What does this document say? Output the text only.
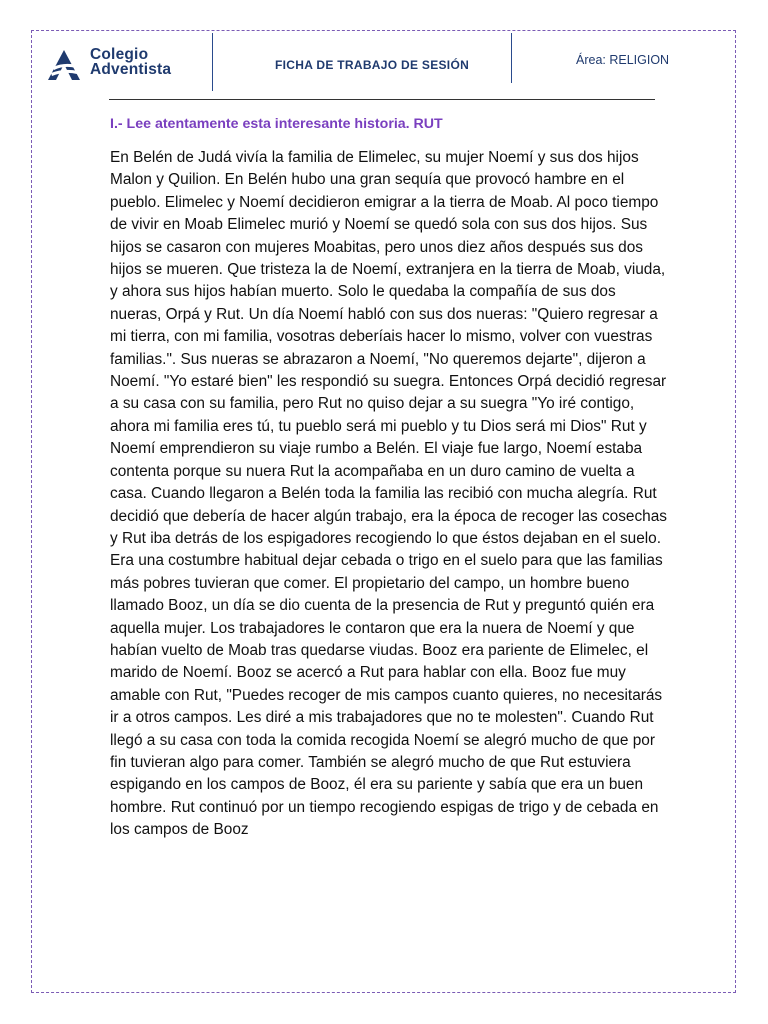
Colegio
Adventista	FICHA DE TRABAJO DE SESIÓN	Área: RELIGION
I.- Lee atentamente esta interesante historia. RUT

En Belén de Judá vivía la familia de Elimelec, su mujer Noemí y sus dos hijos Malon y Quilion. En Belén hubo una gran sequía que provocó hambre en el pueblo. Elimelec y Noemí decidieron emigrar a la tierra de Moab. Al poco tiempo de vivir en Moab Elimelec murió y Noemí se quedó sola con sus dos hijos. Sus hijos se casaron con mujeres Moabitas, pero unos diez años después sus dos hijos se mueren. Que tristeza la de Noemí, extranjera en la tierra de Moab, viuda, y ahora sus hijos habían muerto. Solo le quedaba la compañía de sus dos nueras, Orpá y Rut. Un día Noemí habló con sus dos nueras: "Quiero regresar a mi tierra, con mi familia, vosotras deberíais hacer lo mismo, volver con vuestras familias.". Sus nueras se abrazaron a Noemí, "No queremos dejarte", dijeron a Noemí. "Yo estaré bien" les respondió su suegra. Entonces Orpá decidió regresar a su casa con su familia, pero Rut no quiso dejar a su suegra "Yo iré contigo, ahora mi familia eres tú, tu pueblo será mi pueblo y tu Dios será mi Dios" Rut y Noemí emprendieron su viaje rumbo a Belén. El viaje fue largo, Noemí estaba contenta porque su nuera Rut la acompañaba en un duro camino de vuelta a casa. Cuando llegaron a Belén toda la familia las recibió con mucha alegría. Rut decidió que debería de hacer algún trabajo, era la época de recoger las cosechas y Rut iba detrás de los espigadores recogiendo lo que éstos dejaban en el suelo. Era una costumbre habitual dejar cebada o trigo en el suelo para que las familias más pobres tuvieran que comer. El propietario del campo, un hombre bueno llamado Booz, un día se dio cuenta de la presencia de Rut y preguntó quién era aquella mujer. Los trabajadores le contaron que era la nuera de Noemí y que habían vuelto de Moab tras quedarse viudas. Booz era pariente de Elimelec, el marido de Noemí. Booz se acercó a Rut para hablar con ella. Booz fue muy amable con Rut, "Puedes recoger de mis campos cuanto quieres, no necesitarás ir a otros campos. Les diré a mis trabajadores que no te molesten". Cuando Rut llegó a su casa con toda la comida recogida Noemí se alegró mucho de que por fin tuvieran algo para comer. También se alegró mucho de que Rut estuviera espigando en los campos de Booz, él era su pariente y sabía que era un buen hombre. Rut continuó por un tiempo recogiendo espigas de trigo y de cebada en los campos de Booz
